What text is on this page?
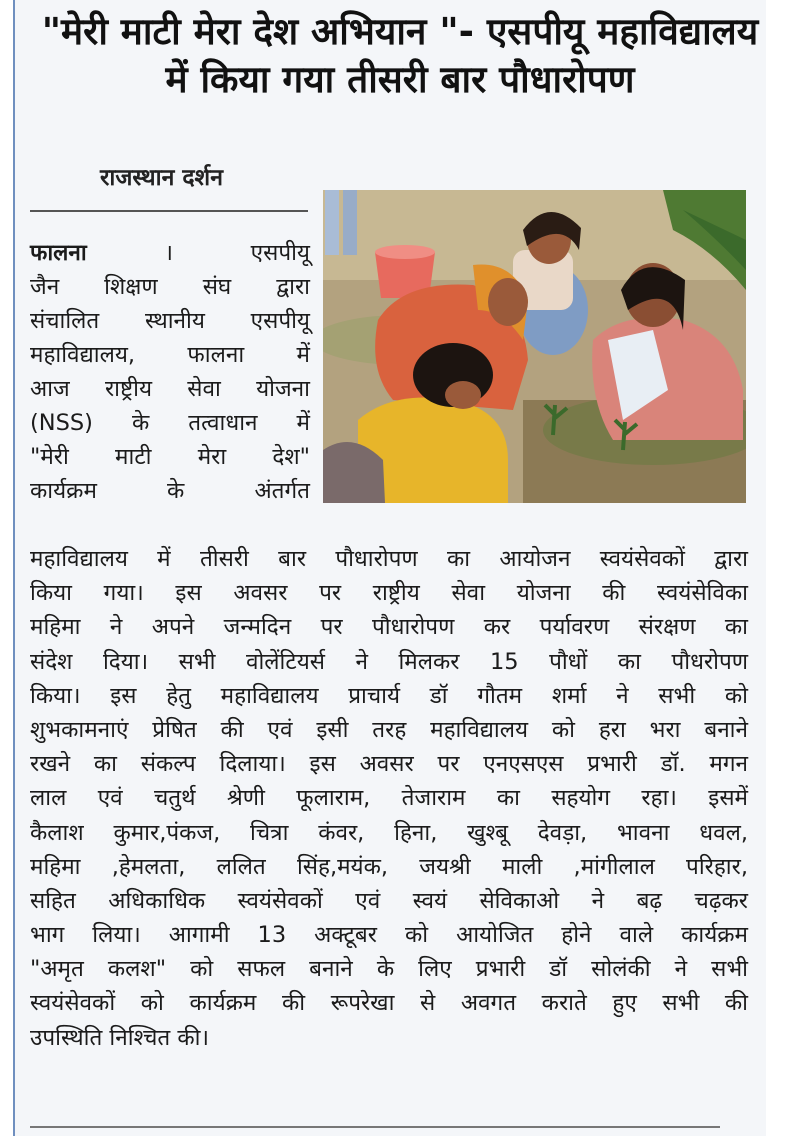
"मेरी माटी मेरा देश अभियान "- एसपीयू महाविद्यालय में किया गया तीसरी बार पौधारोपण
राजस्थान दर्शन
फालना । एसपीयू
जैन शिक्षण संघ द्वारा
संचालित स्थानीय एसपीयू
महाविद्यालय, फालना में
आज राष्ट्रीय सेवा योजना
(NSS) के तत्वाधान में
"मेरी माटी मेरा देश"
कार्यक्रम के अंतर्गत
महाविद्यालय में तीसरी बार पौधारोपण का आयोजन स्वयंसेवकों द्वारा
किया गया। इस अवसर पर राष्ट्रीय सेवा योजना की स्वयंसेविका
महिमा ने अपने जन्मदिन पर पौधारोपण कर पर्यावरण संरक्षण का
संदेश दिया। सभी वोलेंटियर्स ने मिलकर 15 पौधों का पौधरोपण
किया। इस हेतु महाविद्यालय प्राचार्य डॉ गौतम शर्मा ने सभी को
शुभकामनाएं प्रेषित की एवं इसी तरह महाविद्यालय को हरा भरा बनाने
रखने का संकल्प दिलाया। इस अवसर पर एनएसएस प्रभारी डॉ. मगन
लाल एवं चतुर्थ श्रेणी फूलाराम, तेजाराम का सहयोग रहा। इसमें
कैलाश कुमार,पंकज, चित्रा कंवर, हिना, खुश्बू देवड़ा, भावना धवल,
महिमा ,हेमलता, ललित सिंह,मयंक, जयश्री माली ,मांगीलाल परिहार,
सहित अधिकाधिक स्वयंसेवकों एवं स्वयं सेविकाओ ने बढ़ चढ़कर
भाग लिया। आगामी 13 अक्टूबर को आयोजित होने वाले कार्यक्रम
"अमृत कलश" को सफल बनाने के लिए प्रभारी डॉ सोलंकी ने सभी
स्वयंसेवकों को कार्यक्रम की रूपरेखा से अवगत कराते हुए सभी की
उपस्थिति निश्चित की।
